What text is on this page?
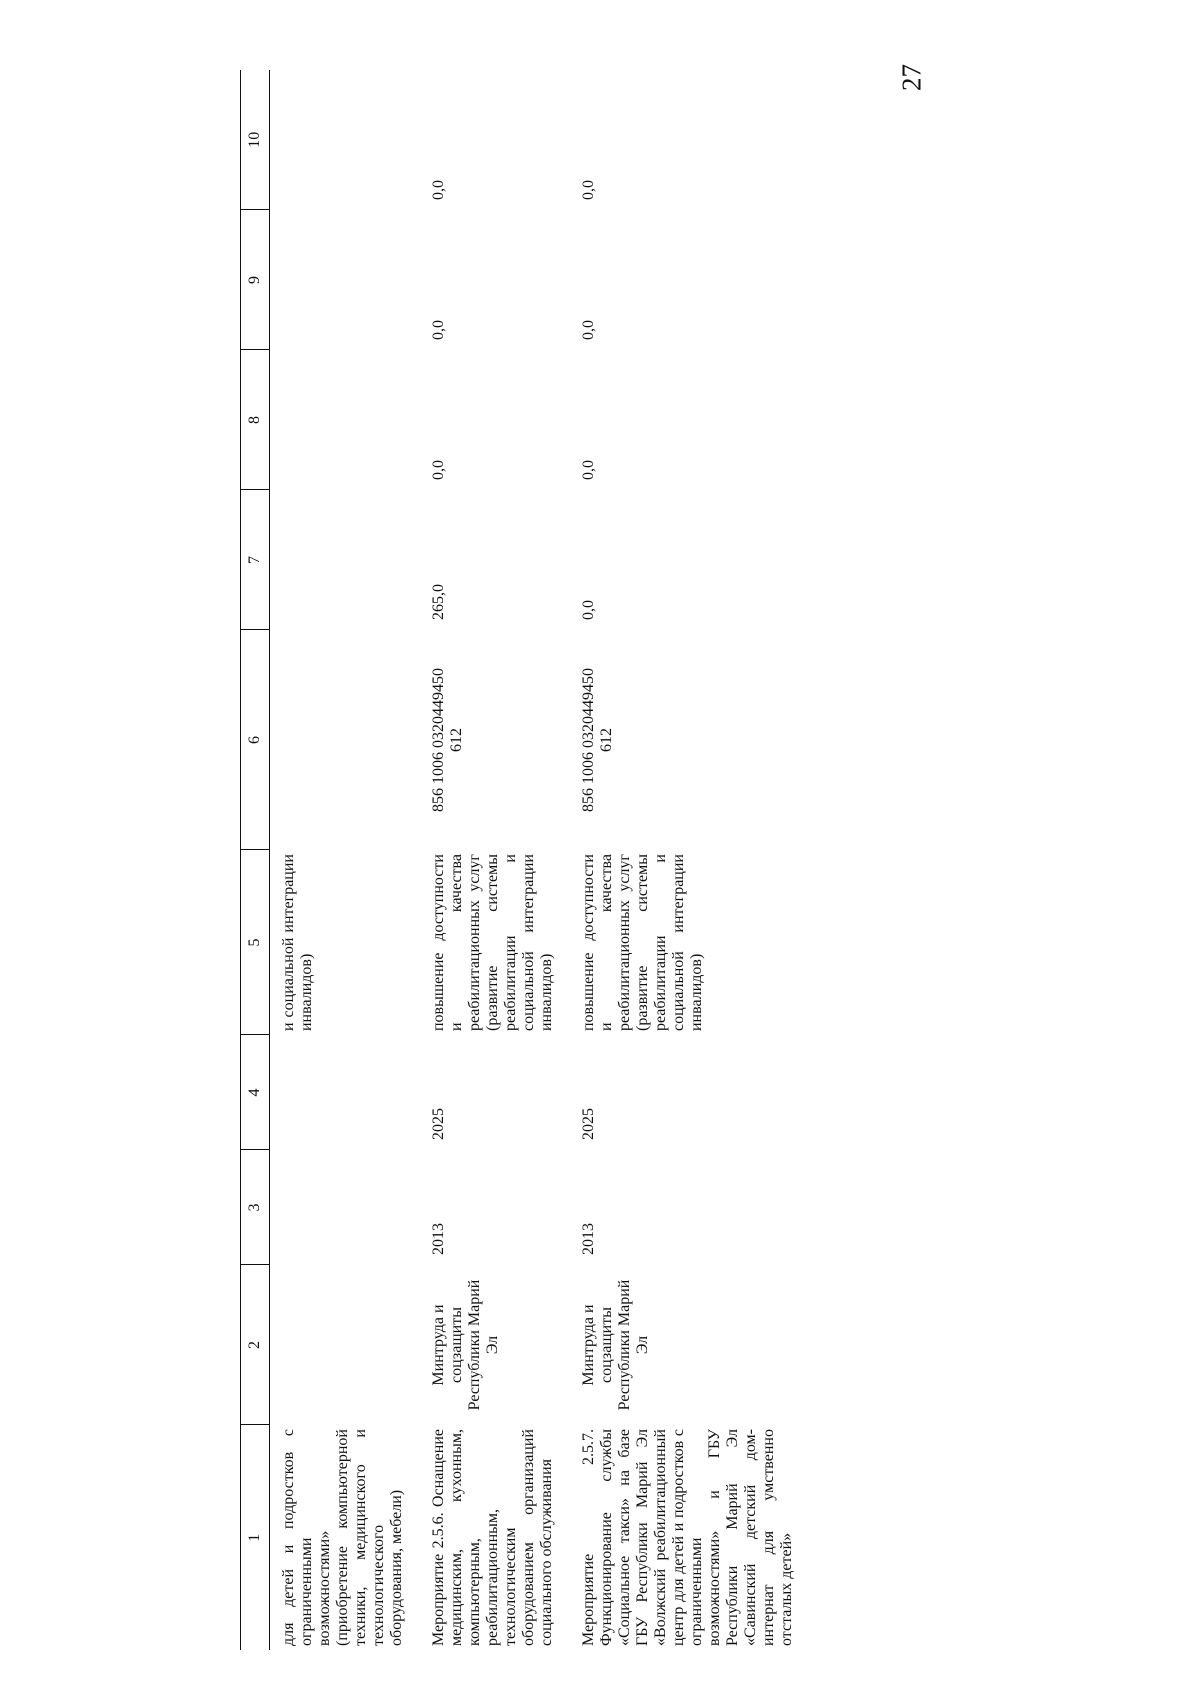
27
1	2	3	4	5	6	7	8	9	10
для детей и подростков с ограниченными возможностями» (приобретение компьютерной техники, медицинского и технологического оборудования, мебели)				и социальной интеграции инвалидов)	

Мероприятие 2.5.6. Оснащение медицинским, кухонным, компьютерным, реабилитационным, технологическим оборудованием организаций социального обслуживания	Минтруда и соцзащиты Республики Марий Эл	2013	2025	повышение доступности и качества реабилитационных услуг (развитие системы реабилитации и социальной интеграции инвалидов)	856 1006 0320449450 612	265,0	0,0	0,0	0,0
Мероприятие 2.5.7. Функционирование службы «Социальное такси» на базе ГБУ Республики Марий Эл «Волжский реабилитационный центр для детей и подростков с ограниченными возможностями» и ГБУ Республики Марий Эл «Савинский детский дом-интернат для умственно отсталых детей»	Минтруда и соцзащиты Республики Марий Эл	2013	2025	повышение доступности и качества реабилитационных услуг (развитие системы реабилитации и социальной интеграции инвалидов)	856 1006 0320449450 612	0,0	0,0	0,0	0,0
